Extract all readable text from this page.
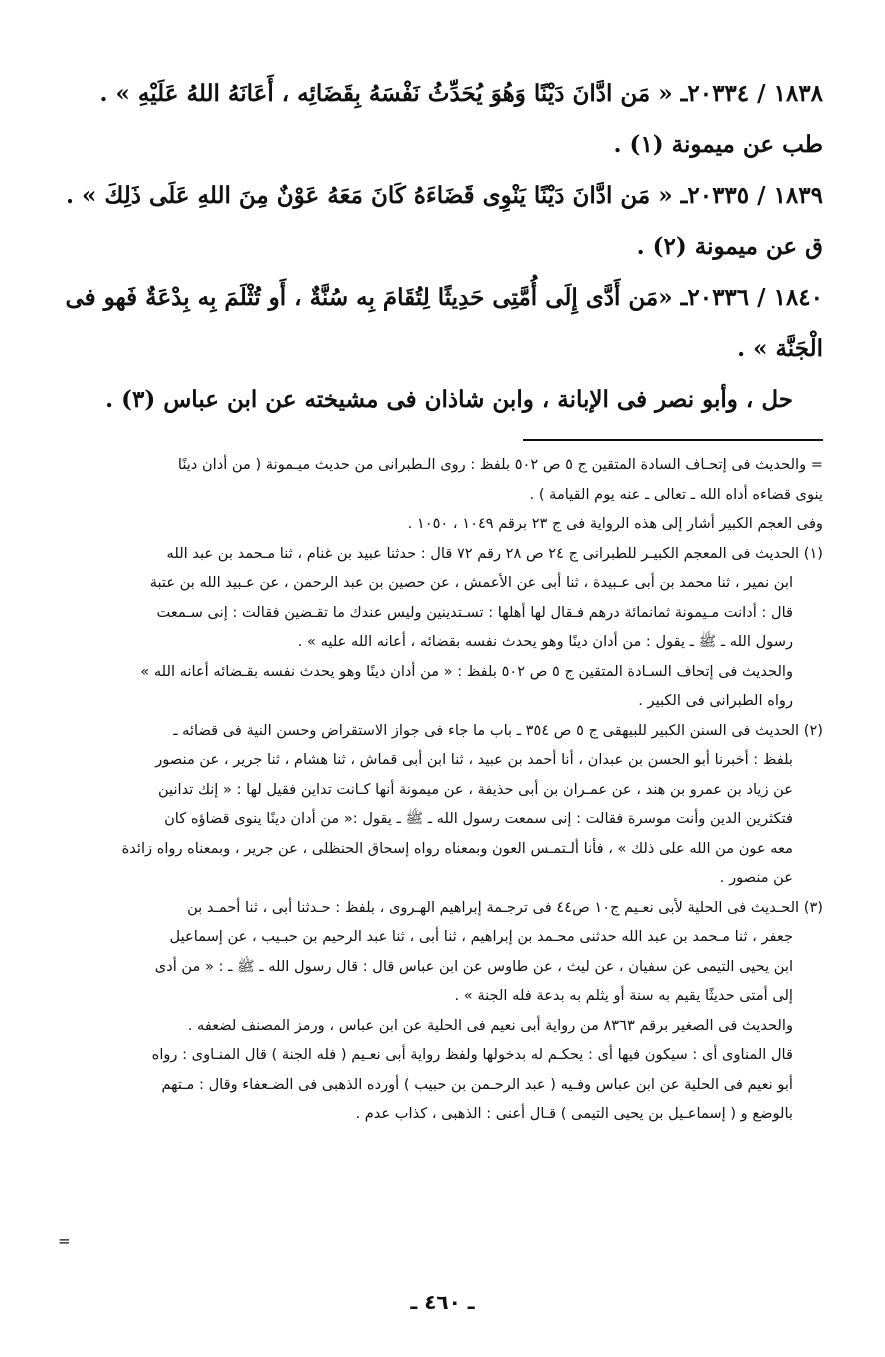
١٨٣٨ / ٢٠٣٣٤ـ « مَن ادَّانَ دَيْنًا وَهُوَ يُحَدِّثُ نَفْسَهُ بِقَضَائِه ، أَعَانَهُ اللهُ عَلَيْهِ » .
طب عن ميمونة (١) .
١٨٣٩ / ٢٠٣٣٥ـ « مَن ادَّانَ دَيْنًا يَنْوِى قَضَاءَهُ كَانَ مَعَهُ عَوْنٌ مِنَ اللهِ عَلَى ذَلِكَ » .
ق عن ميمونة (٢) .
١٨٤٠ / ٢٠٣٣٦ـ «مَن أَدَّى إِلَى أُمَّتِى حَدِيثًا لِتُقَامَ بِه سُنَّةٌ ، أَو تُثْلَمَ بِه بِدْعَةٌ فَهو فى
الْجَنَّة » .
حل ، وأبو نصر فى الإبانة ، وابن شاذان فى مشيخته عن ابن عباس (٣) .
= والحديث فى إتحـاف السادة المتقين ج ٥ ص ٥٠٢ بلفظ : روى الـطبرانى من حديث ميـمونة ( من أدان دينًا
ينوى قضاءه أداه الله ـ تعالى ـ عنه يوم القيامة ) .
وفى العجم الكبير أشار إلى هذه الرواية فى ج ٢٣ برقم ١٠٤٩ ، ١٠٥٠ .
(١) الحديث فى المعجم الكبيـر للطبرانى ج ٢٤ ص ٢٨ رقم ٧٢ قال : حدثنا عبيد بن غنام ، ثنا مـحمد بن عبد الله
ابن نمير ، ثنا محمد بن أبى عـبيدة ، ثنا أبى عن الأعمش ، عن حصين بن عبد الرحمن ، عن عـبيد الله بن عتبة
قال : أدانت مـيمونة ثمانمائة درهم فـقال لها أهلها : تسـتدينين وليس عندك ما تقـضين فقالت : إنى سـمعت
رسول الله ـ ﷺ ـ يقول : من أدان دينًا وهو يحدث نفسه بقضائه ، أعانه الله عليه » .
والحديث فى إتحاف السـادة المتقين ج ٥ ص ٥٠٢ بلفظ : « من أدان دينًا وهو يحدث نفسه بقـضائه أعانه الله »
رواه الطبرانى فى الكبير .
(٢) الحديث فى السنن الكبير للبيهقى ج ٥ ص ٣٥٤ ـ باب ما جاء فى جواز الاستقراض وحسن النية فى قضائه ـ
بلفظ : أخبرنا أبو الحسن بن عبدان ، أنا أحمد بن عبيد ، ثنا ابن أبى قماش ، ثنا هشام ، ثنا جرير ، عن منصور
عن زياد بن عمرو بن هند ، عن عمـران بن أبى حذيفة ، عن ميمونة أنها كـانت تداين فقيل لها : « إنك تدانين
فتكثرين الدين وأنت موسرة فقالت : إنى سمعت رسول الله ـ ﷺ ـ يقول :« من أدان دينًا ينوى قضاؤه كان
معه عون من الله على ذلك » ، فأنا ألـتمـس العون وبمعناه رواه إسحاق الحنظلى ، عن جرير ، وبمعناه رواه زائدة
عن منصور .
(٣) الحـديث فى الحلية لأبى نعـيم ج١٠ ص٤٤ فى ترجـمة إبراهيم الهـروى ، بلفظ : حـدثنا أبى ، ثنا أحمـد بن
جعفر ، ثنا مـحمد بن عبد الله حدثنى محـمد بن إبراهيم ، ثنا أبى ، ثنا عبد الرحيم بن حبـيب ، عن إسماعيل
ابن يحيى التيمى عن سفيان ، عن ليث ، عن طاوس عن ابن عباس قال : قال رسول الله ـ ﷺ ـ : « من أدى
إلى أمتى حديثًا يقيم به سنة أو يثلم به بدعة فله الجنة » .
والحديث فى الصغير برقم ٨٣٦٣ من رواية أبى نعيم فى الحلية عن ابن عباس ، ورمز المصنف لضعفه .
قال المناوى أى : سيكون فيها أى : يحكـم له بدخولها ولفظ رواية أبى نعـيم ( فله الجنة ) قال المنـاوى : رواه
أبو نعيم فى الحلية عن ابن عباس وفـيه ( عبد الرحـمن بن حبيب ) أورده الذهبى فى الضـعفاء وقال : مـتهم
بالوضع و ( إسماعـيل بن يحيى التيمى ) قـال أعنى : الذهبى ، كذاب عدم .
=
ـ ٤٦٠ ـ
